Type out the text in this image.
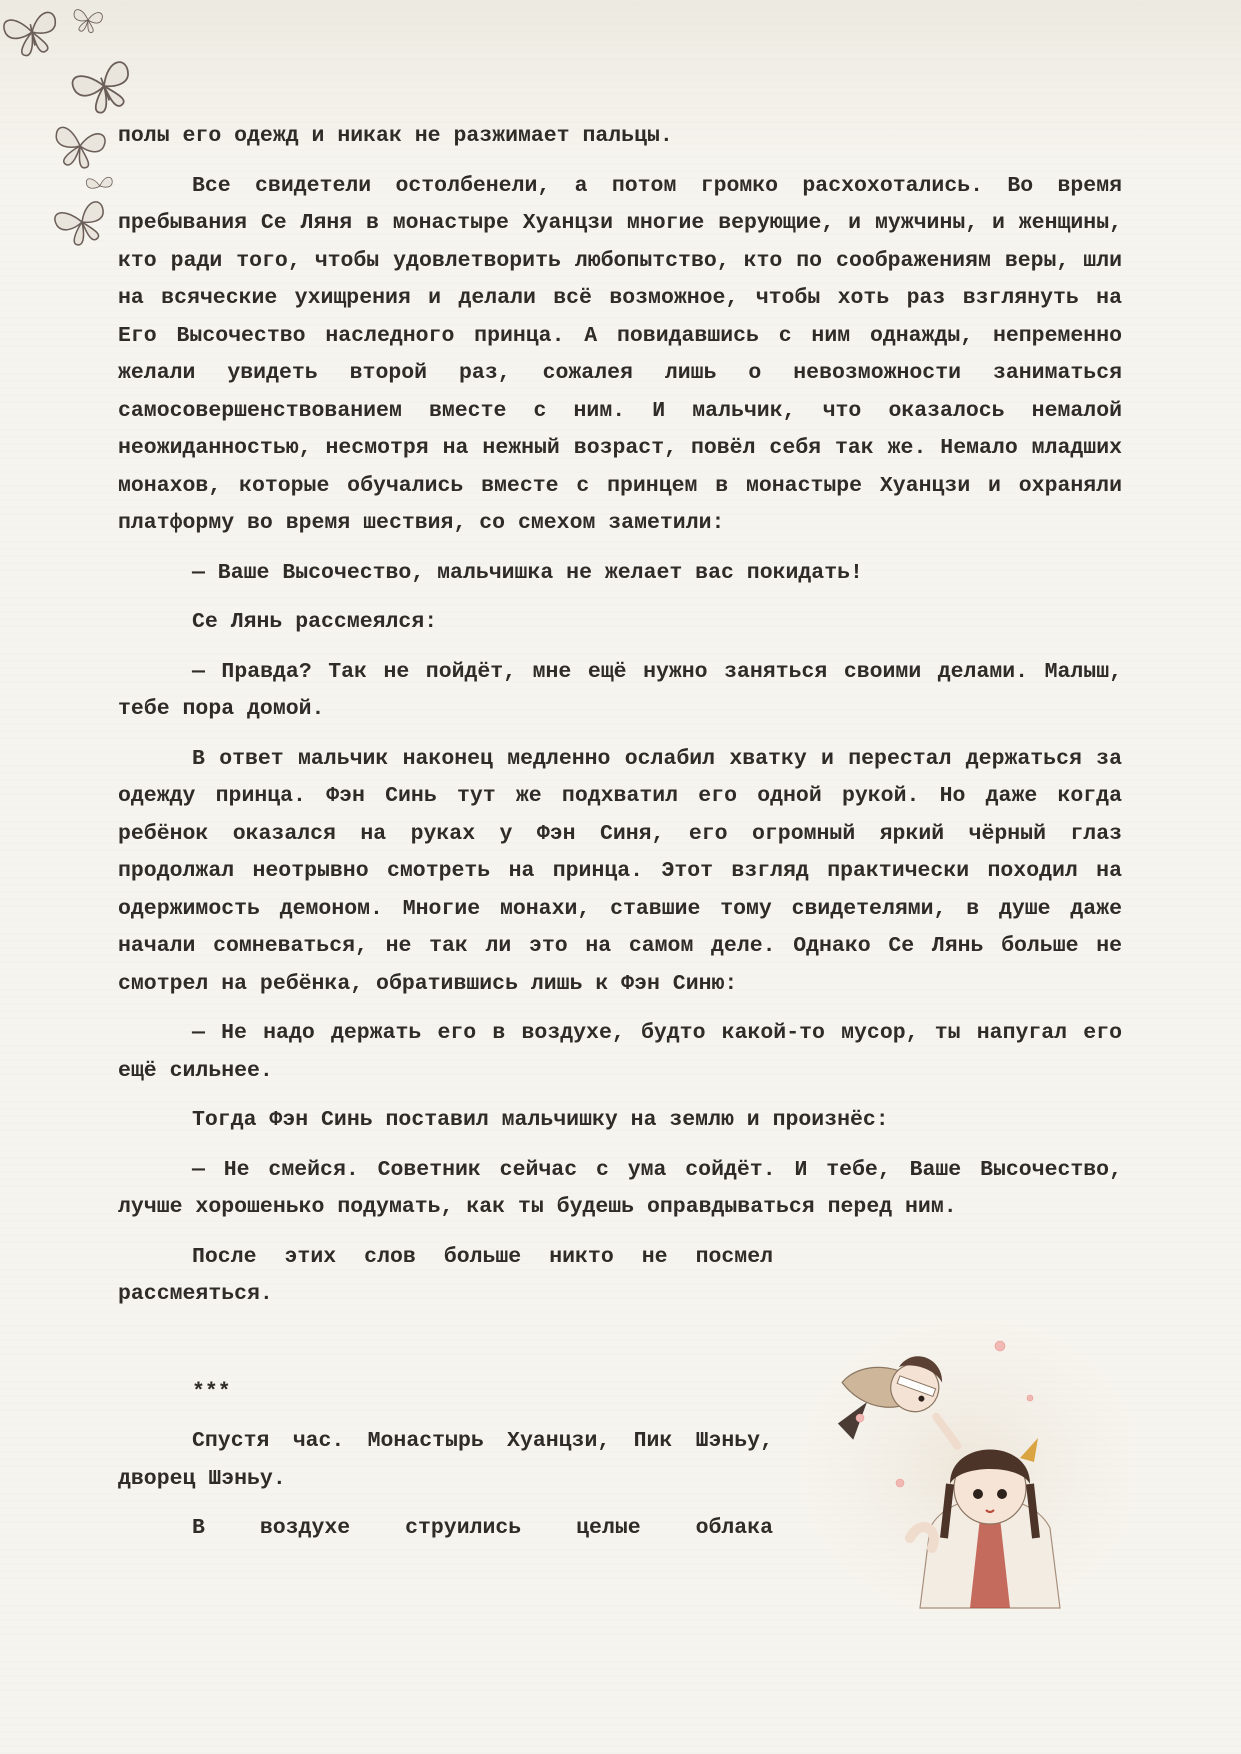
полы его одежд и никак не разжимает пальцы.

Все свидетели остолбенели, а потом громко расхохотались. Во время пребывания Се Ляня в монастыре Хуанцзи многие верующие, и мужчины, и женщины, кто ради того, чтобы удовлетворить любопытство, кто по соображениям веры, шли на всяческие ухищрения и делали всё возможное, чтобы хоть раз взглянуть на Его Высочество наследного принца. А повидавшись с ним однажды, непременно желали увидеть второй раз, сожалея лишь о невозможности заниматься самосовершенствованием вместе с ним. И мальчик, что оказалось немалой неожиданностью, несмотря на нежный возраст, повёл себя так же. Немало младших монахов, которые обучались вместе с принцем в монастыре Хуанцзи и охраняли платформу во время шествия, со смехом заметили:

— Ваше Высочество, мальчишка не желает вас покидать!

Се Лянь рассмеялся:

— Правда? Так не пойдёт, мне ещё нужно заняться своими делами. Малыш, тебе пора домой.

В ответ мальчик наконец медленно ослабил хватку и перестал держаться за одежду принца. Фэн Синь тут же подхватил его одной рукой. Но даже когда ребёнок оказался на руках у Фэн Синя, его огромный яркий чёрный глаз продолжал неотрывно смотреть на принца. Этот взгляд практически походил на одержимость демоном. Многие монахи, ставшие тому свидетелями, в душе даже начали сомневаться, не так ли это на самом деле. Однако Се Лянь больше не смотрел на ребёнка, обратившись лишь к Фэн Синю:

— Не надо держать его в воздухе, будто какой-то мусор, ты напугал его ещё сильнее.

Тогда Фэн Синь поставил мальчишку на землю и произнёс:

— Не смейся. Советник сейчас с ума сойдёт. И тебе, Ваше Высочество, лучше хорошенько подумать, как ты будешь оправдываться перед ним.

После этих слов больше никто не посмел рассмеяться.

***

Спустя час. Монастырь Хуанцзи, Пик Шэньу, дворец Шэньу.

В воздухе струились целые облака
